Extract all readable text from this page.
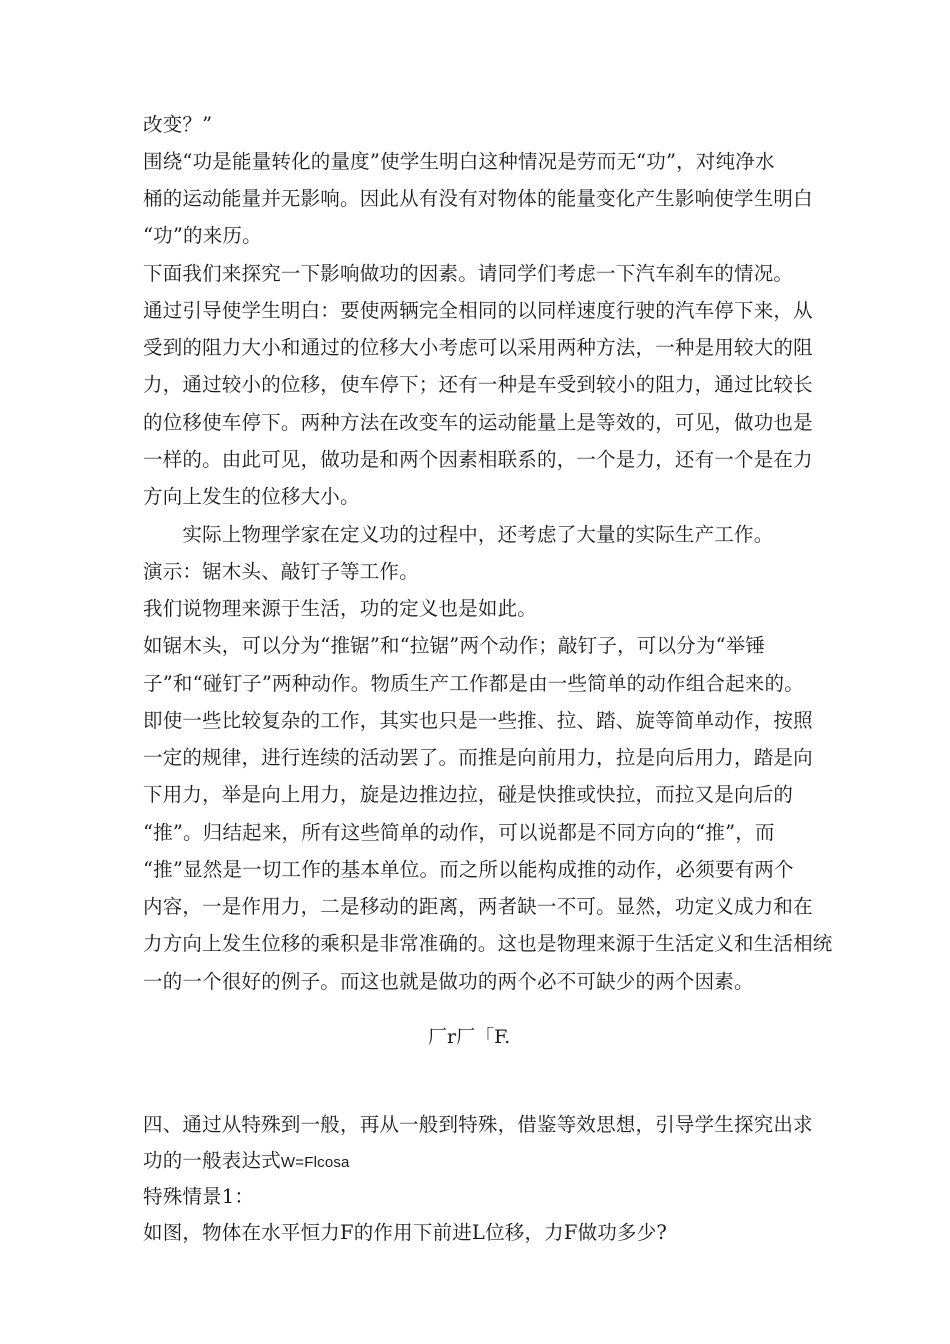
改变？”
围绕“功是能量转化的量度”使学生明白这种情况是劳而无“功”，对纯净水
桶的运动能量并无影响。因此从有没有对物体的能量变化产生影响使学生明白
“功”的来历。
下面我们来探究一下影响做功的因素。请同学们考虑一下汽车刹车的情况。
通过引导使学生明白：要使两辆完全相同的以同样速度行驶的汽车停下来，从
受到的阻力大小和通过的位移大小考虑可以采用两种方法，一种是用较大的阻
力，通过较小的位移，使车停下；还有一种是车受到较小的阻力，通过比较长
的位移使车停下。两种方法在改变车的运动能量上是等效的，可见，做功也是
一样的。由此可见，做功是和两个因素相联系的，一个是力，还有一个是在力
方向上发生的位移大小。
　　实际上物理学家在定义功的过程中，还考虑了大量的实际生产工作。
演示：锯木头、敲钉子等工作。
我们说物理来源于生活，功的定义也是如此。
如锯木头，可以分为“推锯”和“拉锯”两个动作；敲钉子，可以分为“举锤
子”和“碰钉子”两种动作。物质生产工作都是由一些简单的动作组合起来的。
即使一些比较复杂的工作，其实也只是一些推、拉、踏、旋等简单动作，按照
一定的规律，进行连续的活动罢了。而推是向前用力，拉是向后用力，踏是向
下用力，举是向上用力，旋是边推边拉，碰是快推或快拉，而拉又是向后的
“推”。归结起来，所有这些简单的动作，可以说都是不同方向的“推”，而
“推”显然是一切工作的基本单位。而之所以能构成推的动作，必须要有两个
内容，一是作用力，二是移动的距离，两者缺一不可。显然，功定义成力和在
力方向上发生位移的乘积是非常准确的。这也是物理来源于生活定义和生活相统
一的一个很好的例子。而这也就是做功的两个必不可缺少的两个因素。
厂r厂「F.
四、通过从特殊到一般，再从一般到特殊，借鉴等效思想，引导学生探究出求
功的一般表达式W=Flcosa
特殊情景1：
如图，物体在水平恒力F的作用下前进L位移，力F做功多少?
